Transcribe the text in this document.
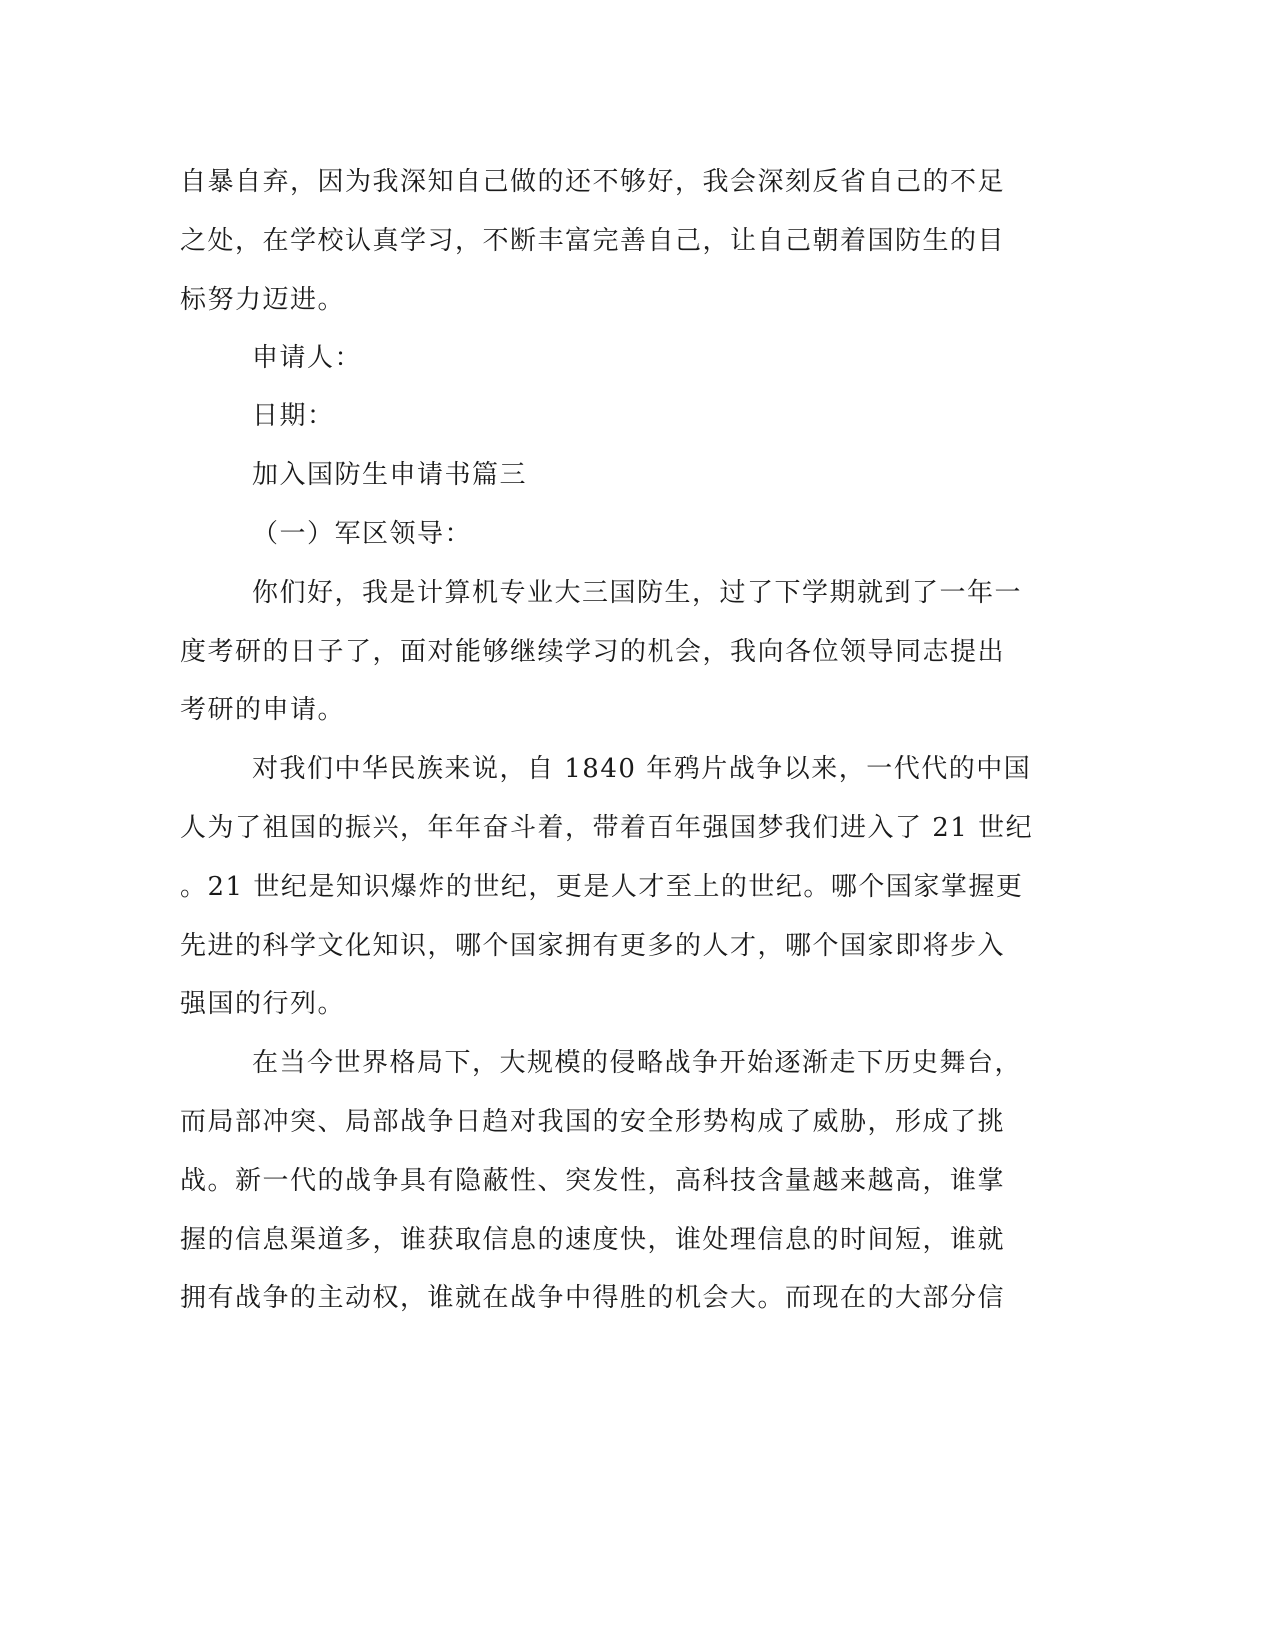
自暴自弃，因为我深知自己做的还不够好，我会深刻反省自己的不足
之处，在学校认真学习，不断丰富完善自己，让自己朝着国防生的目
标努力迈进。
申请人：
日期：
加入国防生申请书篇三
（一）军区领导：
你们好，我是计算机专业大三国防生，过了下学期就到了一年一
度考研的日子了，面对能够继续学习的机会，我向各位领导同志提出
考研的申请。
对我们中华民族来说，自 1840 年鸦片战争以来，一代代的中国
人为了祖国的振兴，年年奋斗着，带着百年强国梦我们进入了 21 世纪
。21 世纪是知识爆炸的世纪，更是人才至上的世纪。哪个国家掌握更
先进的科学文化知识，哪个国家拥有更多的人才，哪个国家即将步入
强国的行列。
在当今世界格局下，大规模的侵略战争开始逐渐走下历史舞台，
而局部冲突、局部战争日趋对我国的安全形势构成了威胁，形成了挑
战。新一代的战争具有隐蔽性、突发性，高科技含量越来越高，谁掌
握的信息渠道多，谁获取信息的速度快，谁处理信息的时间短，谁就
拥有战争的主动权，谁就在战争中得胜的机会大。而现在的大部分信
